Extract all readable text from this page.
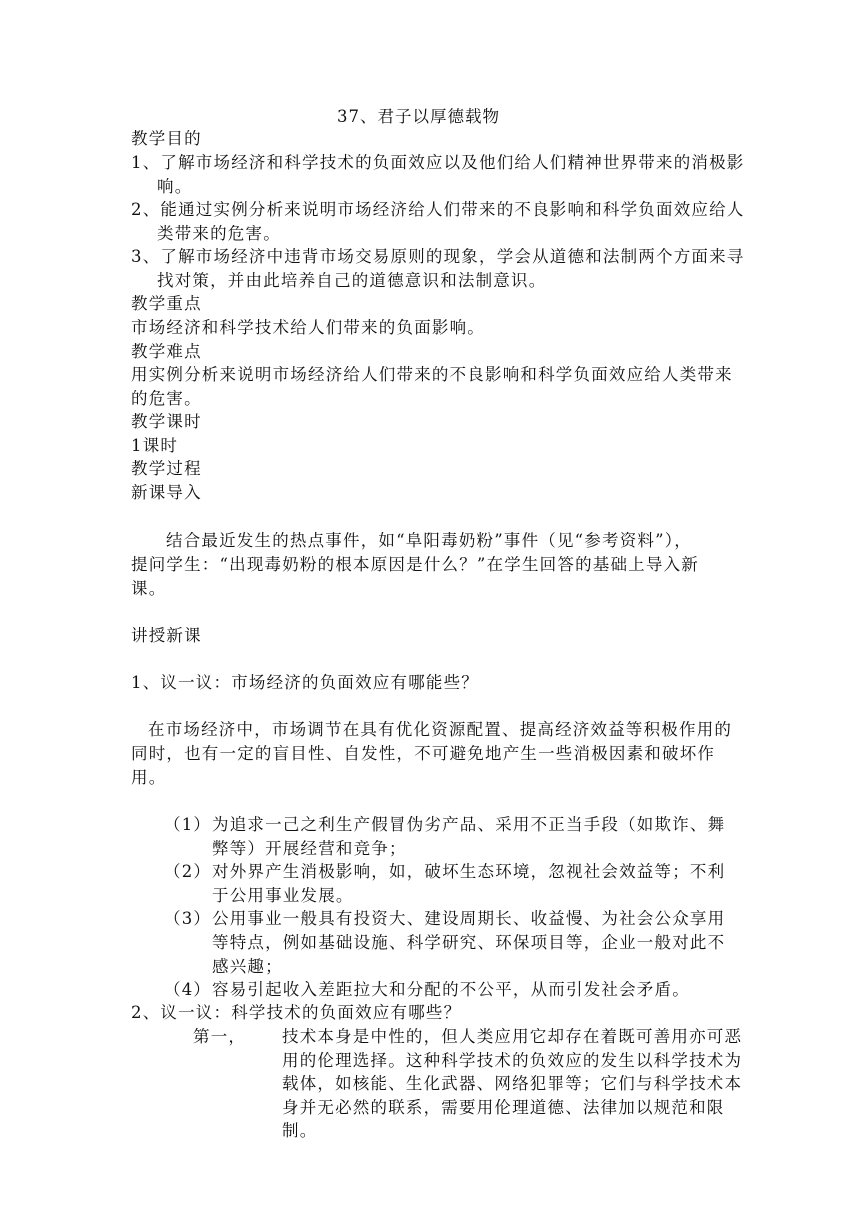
37、君子以厚德载物
教学目的
1、了解市场经济和科学技术的负面效应以及他们给人们精神世界带来的消极影
响。
2、能通过实例分析来说明市场经济给人们带来的不良影响和科学负面效应给人
类带来的危害。
3、了解市场经济中违背市场交易原则的现象，学会从道德和法制两个方面来寻
找对策，并由此培养自己的道德意识和法制意识。
教学重点
市场经济和科学技术给人们带来的负面影响。
教学难点
用实例分析来说明市场经济给人们带来的不良影响和科学负面效应给人类带来
的危害。
教学课时
1课时
教学过程
新课导入
结合最近发生的热点事件，如“阜阳毒奶粉”事件（见“参考资料”），
提问学生：“出现毒奶粉的根本原因是什么？”在学生回答的基础上导入新
课。
讲授新课
1、议一议：市场经济的负面效应有哪能些？
在市场经济中，市场调节在具有优化资源配置、提高经济效益等积极作用的
同时，也有一定的盲目性、自发性，不可避免地产生一些消极因素和破坏作
用。
（1） 为追求一己之利生产假冒伪劣产品、采用不正当手段（如欺诈、舞
弊等）开展经营和竞争；
（2） 对外界产生消极影响，如，破坏生态环境，忽视社会效益等；不利
于公用事业发展。
（3） 公用事业一般具有投资大、建设周期长、收益慢、为社会公众享用
等特点，例如基础设施、科学研究、环保项目等，企业一般对此不
感兴趣；
（4） 容易引起收入差距拉大和分配的不公平，从而引发社会矛盾。
2、议一议：科学技术的负面效应有哪些？
第一， 技术本身是中性的，但人类应用它却存在着既可善用亦可恶
用的伦理选择。这种科学技术的负效应的发生以科学技术为
载体，如核能、生化武器、网络犯罪等；它们与科学技术本
身并无必然的联系，需要用伦理道德、法律加以规范和限
制。
